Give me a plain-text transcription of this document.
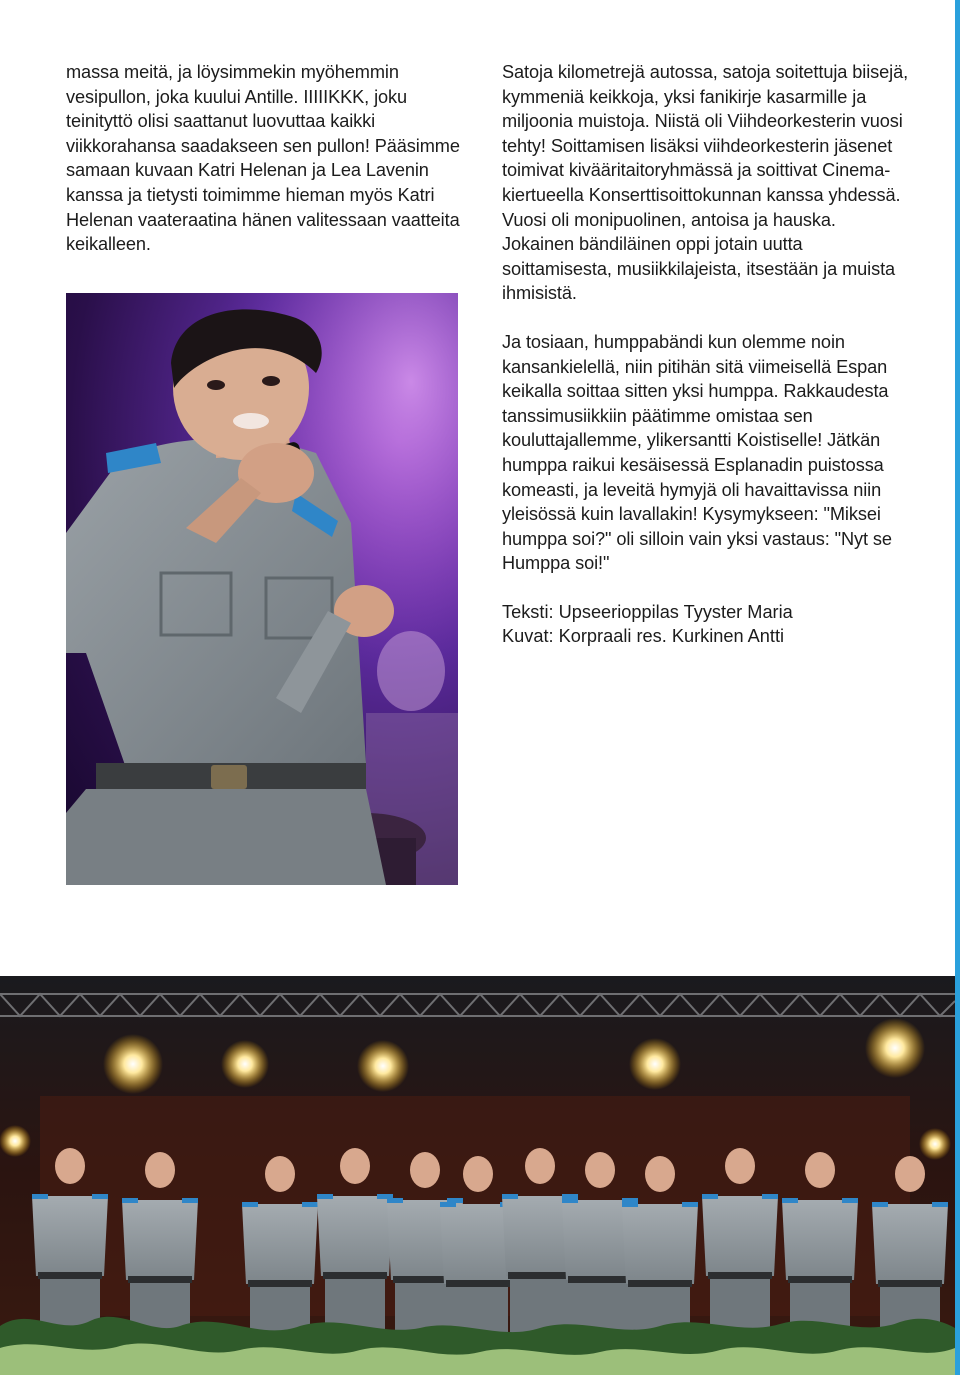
massa meitä, ja löysimmekin myöhemmin vesipullon, joka kuului Antille. IIIIIKKK, joku teinityttö olisi saattanut luovuttaa kaikki viikkorahansa saadakseen sen pullon! Pääsimme samaan kuvaan Katri Helenan ja Lea Lavenin kanssa ja tietysti toimimme hieman myös Katri Helenan vaateraatina hänen valitessaan vaatteita keikalleen.

Satoja kilometrejä autossa, satoja soitettuja biisejä, kymmeniä keikkoja, yksi fanikirje kasarmille ja miljoonia muistoja. Niistä oli Viihdeorkesterin vuosi tehty! Soittamisen lisäksi viihdeorkesterin jäsenet toimivat kivääritaitoryhmässä ja soittivat Cinema-kiertueella Konserttisoittokunnan kanssa yhdessä. Vuosi oli monipuolinen, antoisa ja hauska. Jokainen bändiläinen oppi jotain uutta soittamisesta, musiikkilajeista, itsestään ja muista ihmisistä.

Ja tosiaan, humppabändi kun olemme noin kansankielellä, niin pitihän sitä viimeisellä Espan keikalla soittaa sitten yksi humppa. Rakkaudesta tanssimusiikkiin päätimme omistaa sen kouluttajallemme, ylikersantti Koistiselle! Jätkän humppa raikui kesäisessä Esplanadin puistossa komeasti, ja leveitä hymyjä oli havaittavissa niin yleisössä kuin lavallakin! Kysymykseen: "Miksei humppa soi?" oli silloin vain yksi vastaus: "Nyt se Humppa soi!"

Teksti: Upseerioppilas Tyyster Maria
Kuvat: Korpraali res. Kurkinen Antti
